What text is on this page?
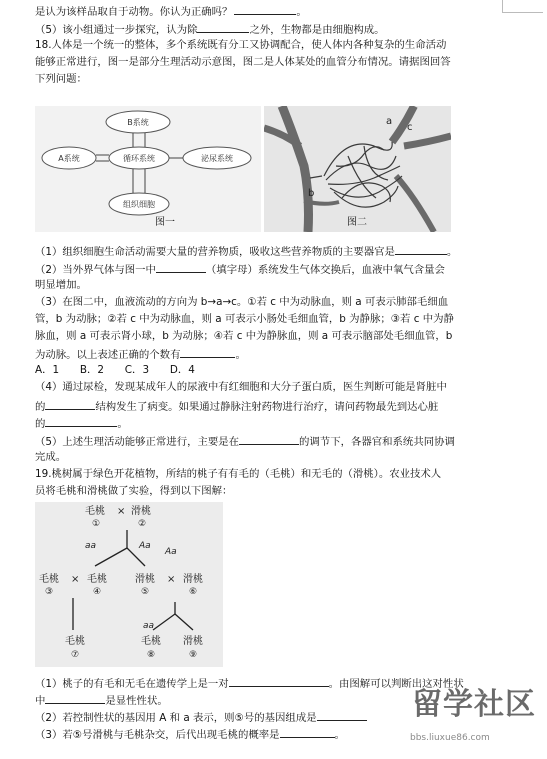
是认为该样品取自于动物。你认为正确吗？	。
（5）该小组通过一步探究，认为除	之外，生物都是由细胞构成。
18.人体是一个统一的整体，多个系统既有分工又协调配合，使人体内各种复杂的生命活动
能够正常进行，图一是部分生理活动示意图，图二是人体某处的血管分布情况。请据图回答
下列问题：
B系统
A系统	循环系统	泌尿系统
组织细胞
图一
b
c
a
图二
（1）组织细胞生命活动需要大量的营养物质，吸收这些营养物质的主要器官是	。
（2）当外界气体与图一中	（填字母）系统发生气体交换后，血液中氧气含量会
明显增加。
（3）在图二中，血液流动的方向为 b→a→c。①若 c 中为动脉血，则 a 可表示肺部毛细血
管，b 为动脉；②若 c 中为动脉血，则 a 可表示小肠处毛细血管，b 为静脉；③若 c 中为静
脉血，则 a 可表示肾小球，b 为动脉；④若 c 中为静脉血，则 a 可表示脑部处毛细血管，b
为动脉。以上表述正确的个数有	。
A．1　　B．2　　C．3　　D．4
（4）通过尿检，发现某成年人的尿液中有红细胞和大分子蛋白质，医生判断可能是肾脏中
的	结构发生了病变。如果通过静脉注射药物进行治疗，请问药物最先到达心脏
的	。
（5）上述生理活动能够正常进行，主要是在	的调节下，各器官和系统共同协调
完成。
19.桃树属于绿色开花植物，所结的桃子有有毛的（毛桃）和无毛的（滑桃）。农业技术人
员将毛桃和滑桃做了实验，得到以下图解：
毛桃 × 滑桃
①	②
aa	Aa
Aa
毛桃 × 毛桃	滑桃 × 滑桃
③	④	⑤	⑥
aa
毛桃	毛桃 滑桃
⑦	⑧	⑨
（1）桃子的有毛和无毛在遗传学上是一对	。由图解可以判断出这对性状
中	是显性性状。
（2）若控制性状的基因用 A 和 a 表示，则⑤号的基因组成是
（3）若⑤号滑桃与毛桃杂交，后代出现毛桃的概率是	。
留学社区
bbs.liuxue86.com
